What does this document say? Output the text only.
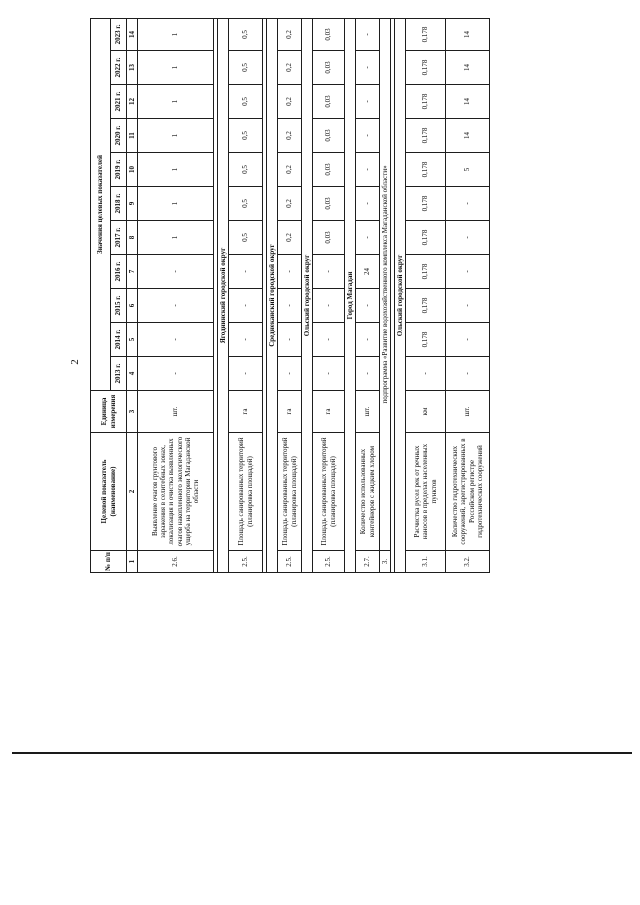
2
№ п/п	Целевой показатель (наименование)	Единица измерения	Значения целевых показателей										
			2013 г.	2014 г.	2015 г.	2016 г.	2017 г.	2018 г.	2019 г.	2020 г.	2021 г.	2022 г.	2023 г.
1	2	3	4	5	6	7	8	9	10	11	12	13	14
2.6.	Выявление очагов грунтового заражения в селитебных зонах, локализация и очистка выявленных очагов накопленного экологического ущерба на территории Магаданской области	шт.	-	-	-	-	1	1	1	1	1	1	1

Ягоднинский городской округ													
2.5.	Площадь санированных территорий (планировка площадей)	га	-	-	-	-	0,5	0,5	0,5	0,5	0,5	0,5	0,5

Среднеканский городской округ													
2.5.	Площадь санированных территорий (планировка площадей)	га	-	-	-	-	0,2	0,2	0,2	0,2	0,2	0,2	0,2
Ольский городской округ													
2.5.	Площадь санированных территорий (планировка площадей)	га	-	-	-	-	0,03	0,03	0,03	0,03	0,03	0,03	0,03
Город Магадан													
2.7.	Количество использованных контейнеров с жидким хлором	шт.	-	-	-	24	-	-	-	-	-	-	-
3.	подпрограмма «Развитие водохозяйственного комплекса Магаданской области»												

Ольский городской округ													
3.1.	Расчистка русел рек от речных наносов в пределах населенных пунктов	км	-	0,178	0,178	0,178	0,178	0,178	0,178	0,178	0,178	0,178	0,178
3.2.	Количество гидротехнических сооружений, зарегистрированных в Российском регистре гидротехнических сооружений	шт.	-	-	-	-	-	-	5	14	14	14	14
